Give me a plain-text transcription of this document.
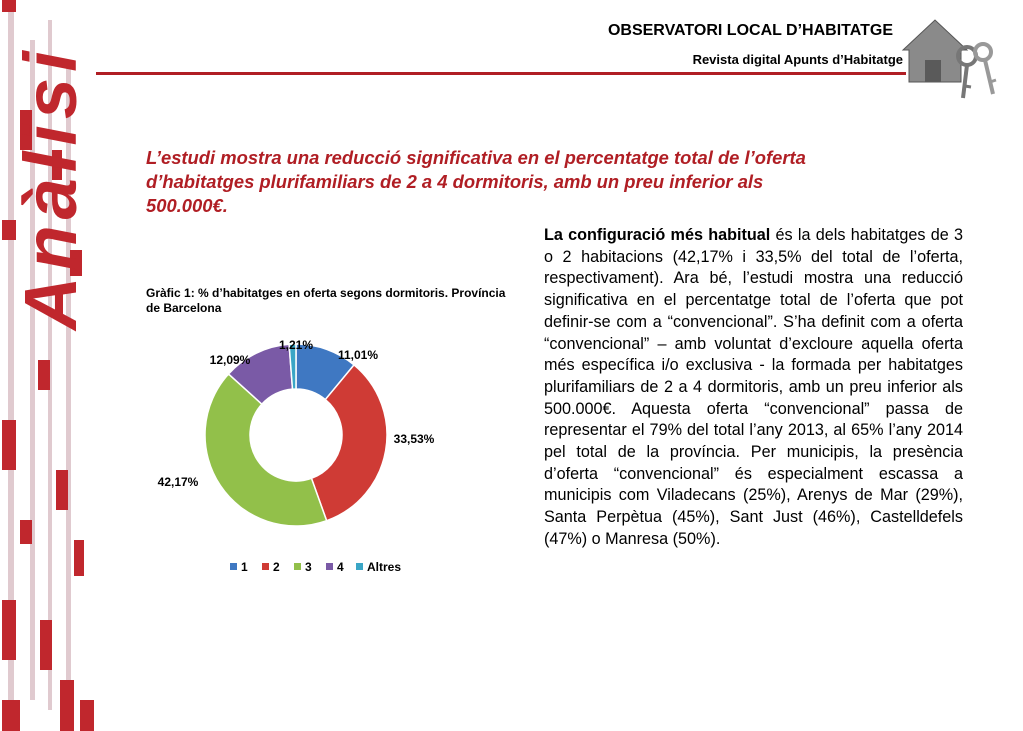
Anàlisi
OBSERVATORI LOCAL D’HABITATGE
Revista digital Apunts d’Habitatge
L’estudi mostra una reducció significativa en el percentatge total de l’oferta d’habitatges plurifamiliars de 2 a 4 dormitoris, amb un preu inferior als 500.000€.
Gràfic 1: % d’habitatges en oferta segons dormitoris. Província de Barcelona
11,01%
33,53%
42,17%
12,09%
1,21%
1 2 3 4 Altres
La configuració més habitual és la dels habitatges de 3 o 2 habitacions (42,17% i 33,5% del total de l’oferta, respectivament). Ara bé, l’estudi mostra una reducció significativa en el percentatge total de l’oferta que pot definir-se com a “convencional”. S’ha definit com a oferta “convencional” – amb voluntat d’excloure aquella oferta més específica i/o exclusiva - la formada per habitatges plurifamiliars de 2 a 4 dormitoris, amb un preu inferior als 500.000€. Aquesta oferta “convencional” passa de representar el 79% del total l’any 2013, al 65% l’any 2014 pel total de la província. Per municipis, la presència d’oferta “convencional” és especialment escassa a municipis com Viladecans (25%), Arenys de Mar (29%), Santa Perpètua (45%), Sant Just (46%), Castelldefels (47%) o Manresa (50%).
